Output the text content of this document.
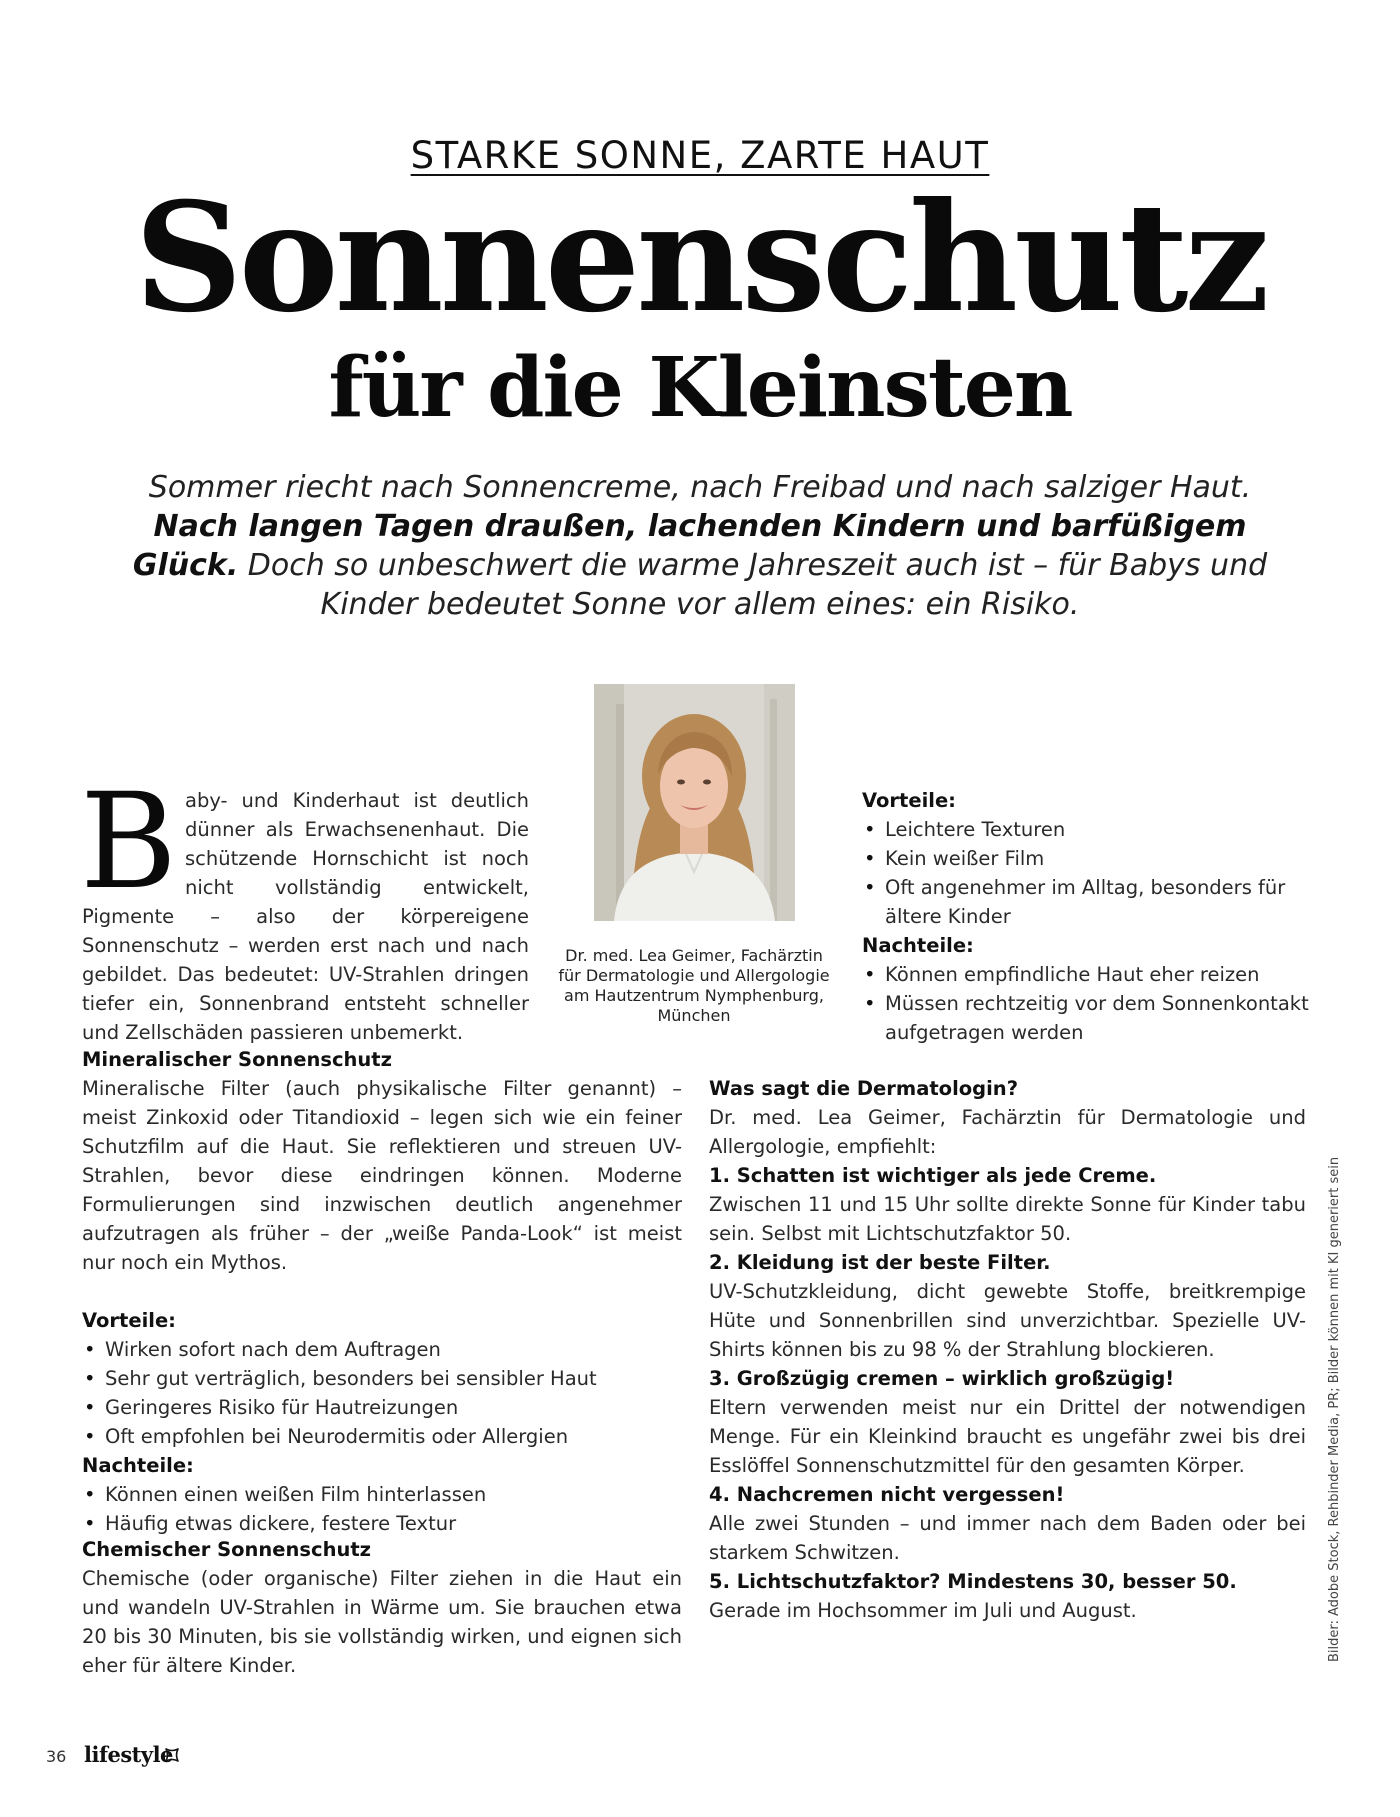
STARKE SONNE, ZARTE HAUT
Sonnenschutz
für die Kleinsten
Sommer riecht nach Sonnencreme, nach Freibad und nach salziger Haut.
Nach langen Tagen draußen, lachenden Kindern und barfüßigem Glück. Doch so unbeschwert die warme Jahreszeit auch ist – für Babys und Kinder bedeutet Sonne vor allem eines: ein Risiko.
Baby- und Kinderhaut ist deutlich dünner als Erwachsenenhaut. Die schützende Hornschicht ist noch nicht vollständig entwickelt, Pigmente – also der körpereigene Sonnenschutz – werden erst nach und nach gebildet. Das bedeutet: UV-Strahlen dringen tiefer ein, Sonnenbrand entsteht schneller und Zellschäden passieren unbemerkt.
Dr. med. Lea Geimer, Fachärztin für Dermatologie und Allergologie am Hautzentrum Nymphenburg, München
Vorteile:
• Leichtere Texturen
• Kein weißer Film
• Oft angenehmer im Alltag, besonders für ältere Kinder
Nachteile:
• Können empfindliche Haut eher reizen
• Müssen rechtzeitig vor dem Sonnenkontakt aufgetragen werden
Mineralischer Sonnenschutz
Mineralische Filter (auch physikalische Filter genannt) – meist Zinkoxid oder Titandioxid – legen sich wie ein feiner Schutzfilm auf die Haut. Sie reflektieren und streuen UV-Strahlen, bevor diese eindringen können. Moderne Formulierungen sind inzwischen deutlich angenehmer aufzutragen als früher – der „weiße Panda-Look“ ist meist nur noch ein Mythos.
Vorteile:
• Wirken sofort nach dem Auftragen
• Sehr gut verträglich, besonders bei sensibler Haut
• Geringeres Risiko für Hautreizungen
• Oft empfohlen bei Neurodermitis oder Allergien
Nachteile:
• Können einen weißen Film hinterlassen
• Häufig etwas dickere, festere Textur
Chemischer Sonnenschutz
Chemische (oder organische) Filter ziehen in die Haut ein und wandeln UV-Strahlen in Wärme um. Sie brauchen etwa 20 bis 30 Minuten, bis sie vollständig wirken, und eignen sich eher für ältere Kinder.
Was sagt die Dermatologin?
Dr. med. Lea Geimer, Fachärztin für Dermatologie und Allergologie, empfiehlt:
1. Schatten ist wichtiger als jede Creme.
Zwischen 11 und 15 Uhr sollte direkte Sonne für Kinder tabu sein. Selbst mit Lichtschutzfaktor 50.
2. Kleidung ist der beste Filter.
UV-Schutzkleidung, dicht gewebte Stoffe, breitkrempige Hüte und Sonnenbrillen sind unverzichtbar. Spezielle UV-Shirts können bis zu 98 % der Strahlung blockieren.
3. Großzügig cremen – wirklich großzügig!
Eltern verwenden meist nur ein Drittel der notwendigen Menge. Für ein Kleinkind braucht es ungefähr zwei bis drei Esslöffel Sonnenschutzmittel für den gesamten Körper.
4. Nachcremen nicht vergessen!
Alle zwei Stunden – und immer nach dem Baden oder bei starkem Schwitzen.
5. Lichtschutzfaktor? Mindestens 30, besser 50.
Gerade im Hochsommer im Juli und August.	Bilder: Adobe Stock, Rehbinder Media, PR; Bilder können mit KI generiert sein
36 lifestyle
